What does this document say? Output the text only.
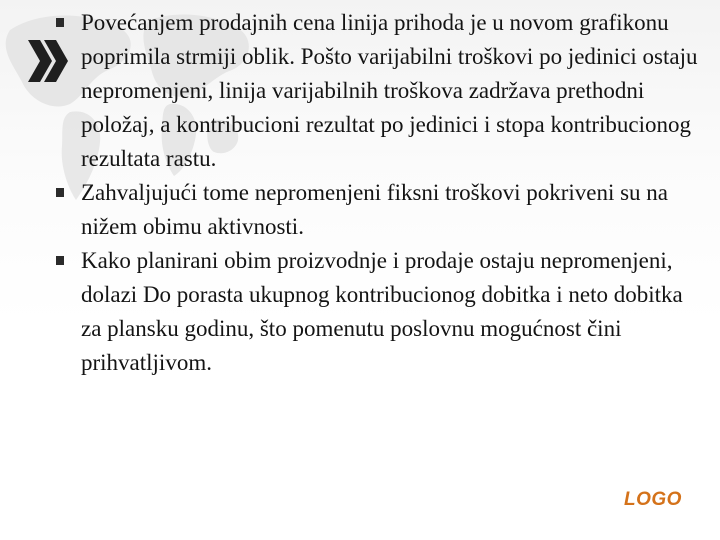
Povećanjem prodajnih cena linija prihoda je u novom grafikonu poprimila strmiji oblik. Pošto varijabilni troškovi po jedinici ostaju nepromenjeni, linija varijabilnih troškova zadržava prethodni položaj, a kontribucioni rezultat po jedinici i stopa kontribucionog rezultata rastu.
Zahvaljujući tome nepromenjeni fiksni troškovi pokriveni su na nižem obimu aktivnosti.
Kako planirani obim proizvodnje i prodaje ostaju nepromenjeni, dolazi Do porasta ukupnog kontribucionog dobitka i neto dobitka za plansku godinu, što pomenutu poslovnu mogućnost čini prihvatljivom.
LOGO
